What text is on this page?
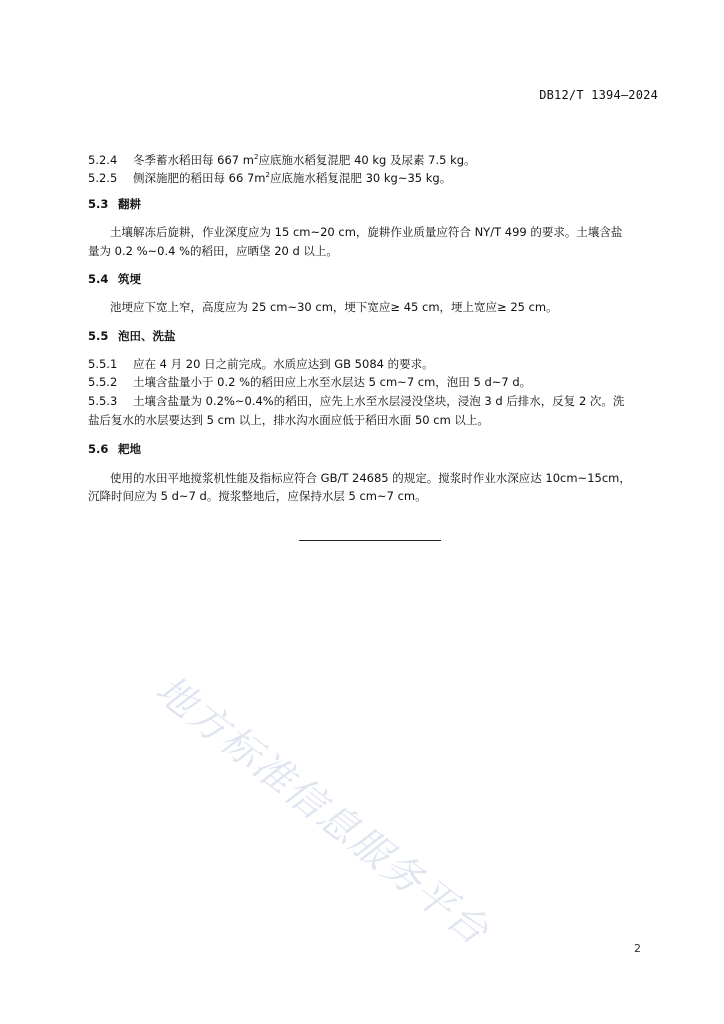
DB12/T 1394—2024
5.2.4 冬季蓄水稻田每 667 $m^2$应底施水稻复混肥 40 kg 及尿素 7.5 kg。
5.2.5 侧深施肥的稻田每 66 $7m^2$应底施水稻复混肥 30 kg~35 kg。
5.3 翻耕
土壤解冻后旋耕，作业深度应为 15 cm~20 cm，旋耕作业质量应符合 NY/T 499 的要求。土壤含盐
量为 0.2 %~0.4 %的稻田，应晒垡 20 d 以上。
5.4 筑埂
池埂应下宽上窄，高度应为 25 cm~30 cm，埂下宽应≥ 45 cm，埂上宽应≥ 25 cm。
5.5 泡田、洗盐
5.5.1 应在 4 月 20 日之前完成。水质应达到 GB 5084 的要求。
5.5.2 土壤含盐量小于 0.2 %的稻田应上水至水层达 5 cm~7 cm，泡田 5 d~7 d。
5.5.3 土壤含盐量为 0.2%~0.4%的稻田，应先上水至水层浸没垡块，浸泡 3 d 后排水，反复 2 次。洗
盐后复水的水层要达到 5 cm 以上，排水沟水面应低于稻田水面 50 cm 以上。
5.6 耙地
使用的水田平地搅浆机性能及指标应符合 GB/T 24685 的规定。搅浆时作业水深应达 10cm~15cm，
沉降时间应为 5 d~7 d。搅浆整地后，应保持水层 5 cm~7 cm。
地方标准信息服务平台	2
